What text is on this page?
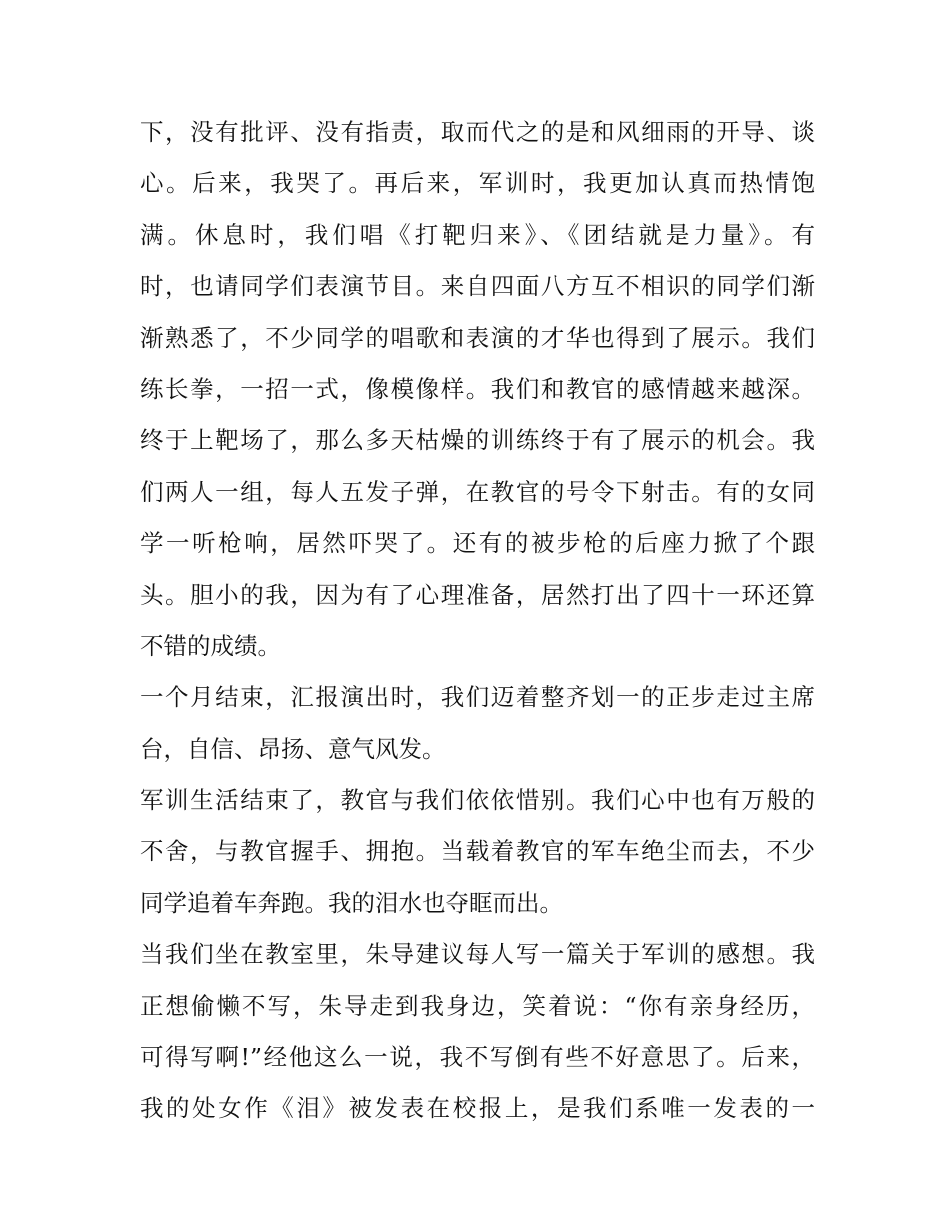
下，没有批评、没有指责，取而代之的是和风细雨的开导、谈
心。后来，我哭了。再后来，军训时，我更加认真而热情饱
满。休息时，我们唱《打靶归来》、《团结就是力量》。有
时，也请同学们表演节目。来自四面八方互不相识的同学们渐
渐熟悉了，不少同学的唱歌和表演的才华也得到了展示。我们
练长拳，一招一式，像模像样。我们和教官的感情越来越深。
终于上靶场了，那么多天枯燥的训练终于有了展示的机会。我
们两人一组，每人五发子弹，在教官的号令下射击。有的女同
学一听枪响，居然吓哭了。还有的被步枪的后座力掀了个跟
头。胆小的我，因为有了心理准备，居然打出了四十一环还算
不错的成绩。
一个月结束，汇报演出时，我们迈着整齐划一的正步走过主席
台，自信、昂扬、意气风发。
军训生活结束了，教官与我们依依惜别。我们心中也有万般的
不舍，与教官握手、拥抱。当载着教官的军车绝尘而去，不少
同学追着车奔跑。我的泪水也夺眶而出。
当我们坐在教室里，朱导建议每人写一篇关于军训的感想。我
正想偷懒不写，朱导走到我身边，笑着说：“你有亲身经历，
可得写啊!”经他这么一说，我不写倒有些不好意思了。后来，
我的处女作《泪》被发表在校报上，是我们系唯一发表的一
